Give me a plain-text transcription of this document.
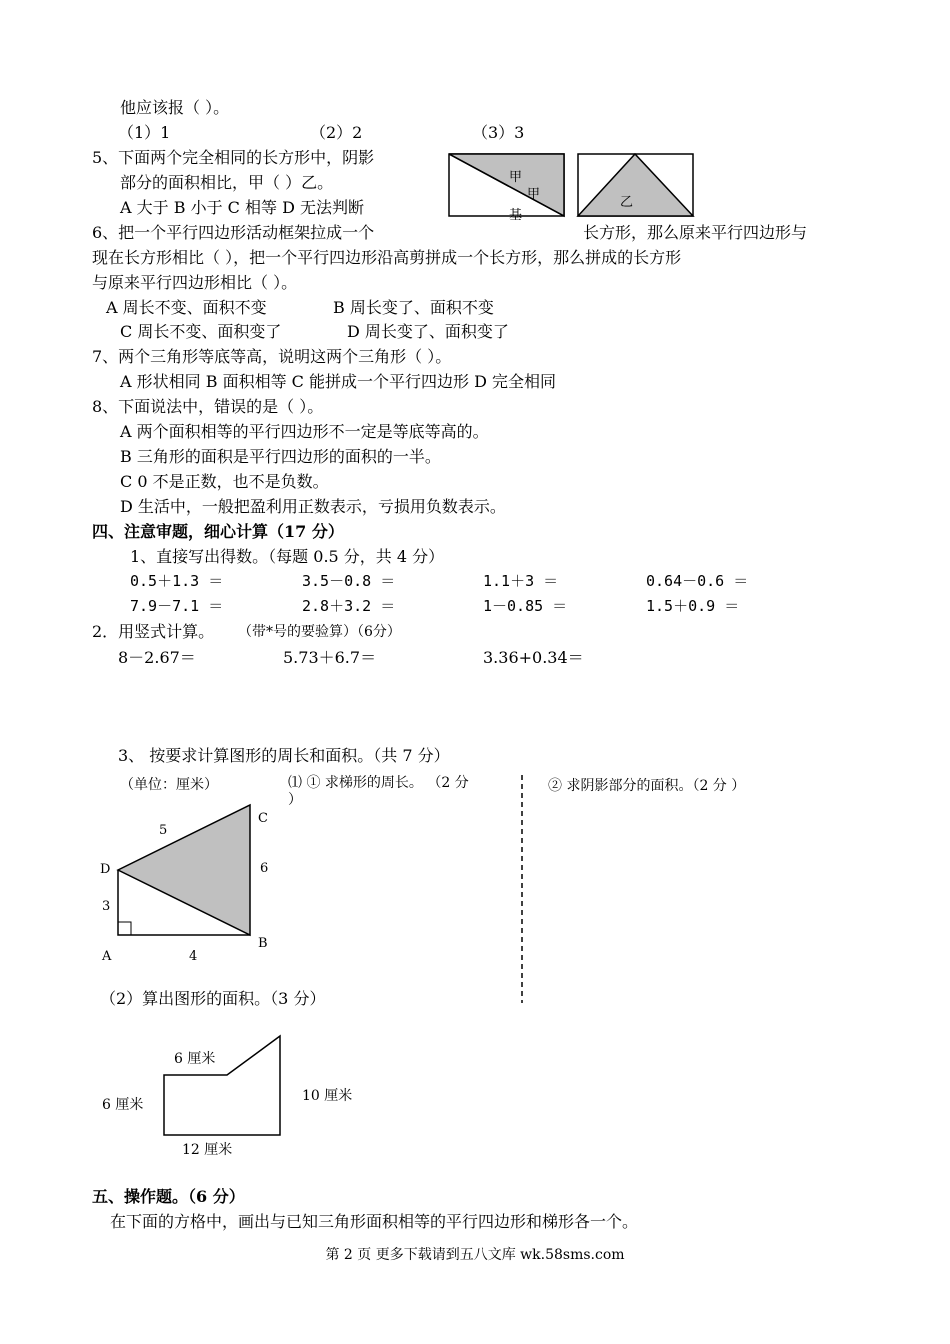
他应该报（ ）。
（1）1	（2）2	（3）3
5、下面两个完全相同的长方形中，阴影
部分的面积相比，甲（ ）乙。
A 大于 B 小于 C 相等 D 无法判断
甲
甲
基
乙
C
D
A
B
5
6
3
4
6、把一个平行四边形活动框架拉成一个	长方形，那么原来平行四边形与
现在长方形相比（ ），把一个平行四边形沿高剪拼成一个长方形，那么拼成的长方形
与原来平行四边形相比（ ）。
A 周长不变、面积不变	B 周长变了、面积不变
C 周长不变、面积变了	D 周长变了、面积变了
7、两个三角形等底等高，说明这两个三角形（ ）。
A 形状相同 B 面积相等 C 能拼成一个平行四边形 D 完全相同
8、下面说法中，错误的是（ ）。
A 两个面积相等的平行四边形不一定是等底等高的。
B 三角形的面积是平行四边形的面积的一半。
C 0 不是正数，也不是负数。
D 生活中，一般把盈利用正数表示，亏损用负数表示。
四、注意审题，细心计算（17 分）
1、直接写出得数。（每题 0.5 分，共 4 分）
0.5＋1.3 ＝	3.5－0.8 ＝	1.1＋3 ＝	0.64－0.6 ＝
7.9－7.1 ＝	2.8＋3.2 ＝	1－0.85 ＝	1.5＋0.9 ＝
2．用竖式计算。 （带*号的要验算）（6分）
8－2.67＝	5.73＋6.7＝	3.36+0.34＝
3、 按要求计算图形的周长和面积。（共 7 分）
（单位：厘米）	⑴ ① 求梯形的周长。 （2 分
）
② 求阴影部分的面积。（2 分 ）
（2）算出图形的面积。（3 分）
6 厘米
6 厘米
10 厘米
12 厘米
五、操作题。（6 分）
在下面的方格中，画出与已知三角形面积相等的平行四边形和梯形各一个。
第 2 页 更多下载请到五八文库 wk.58sms.com
